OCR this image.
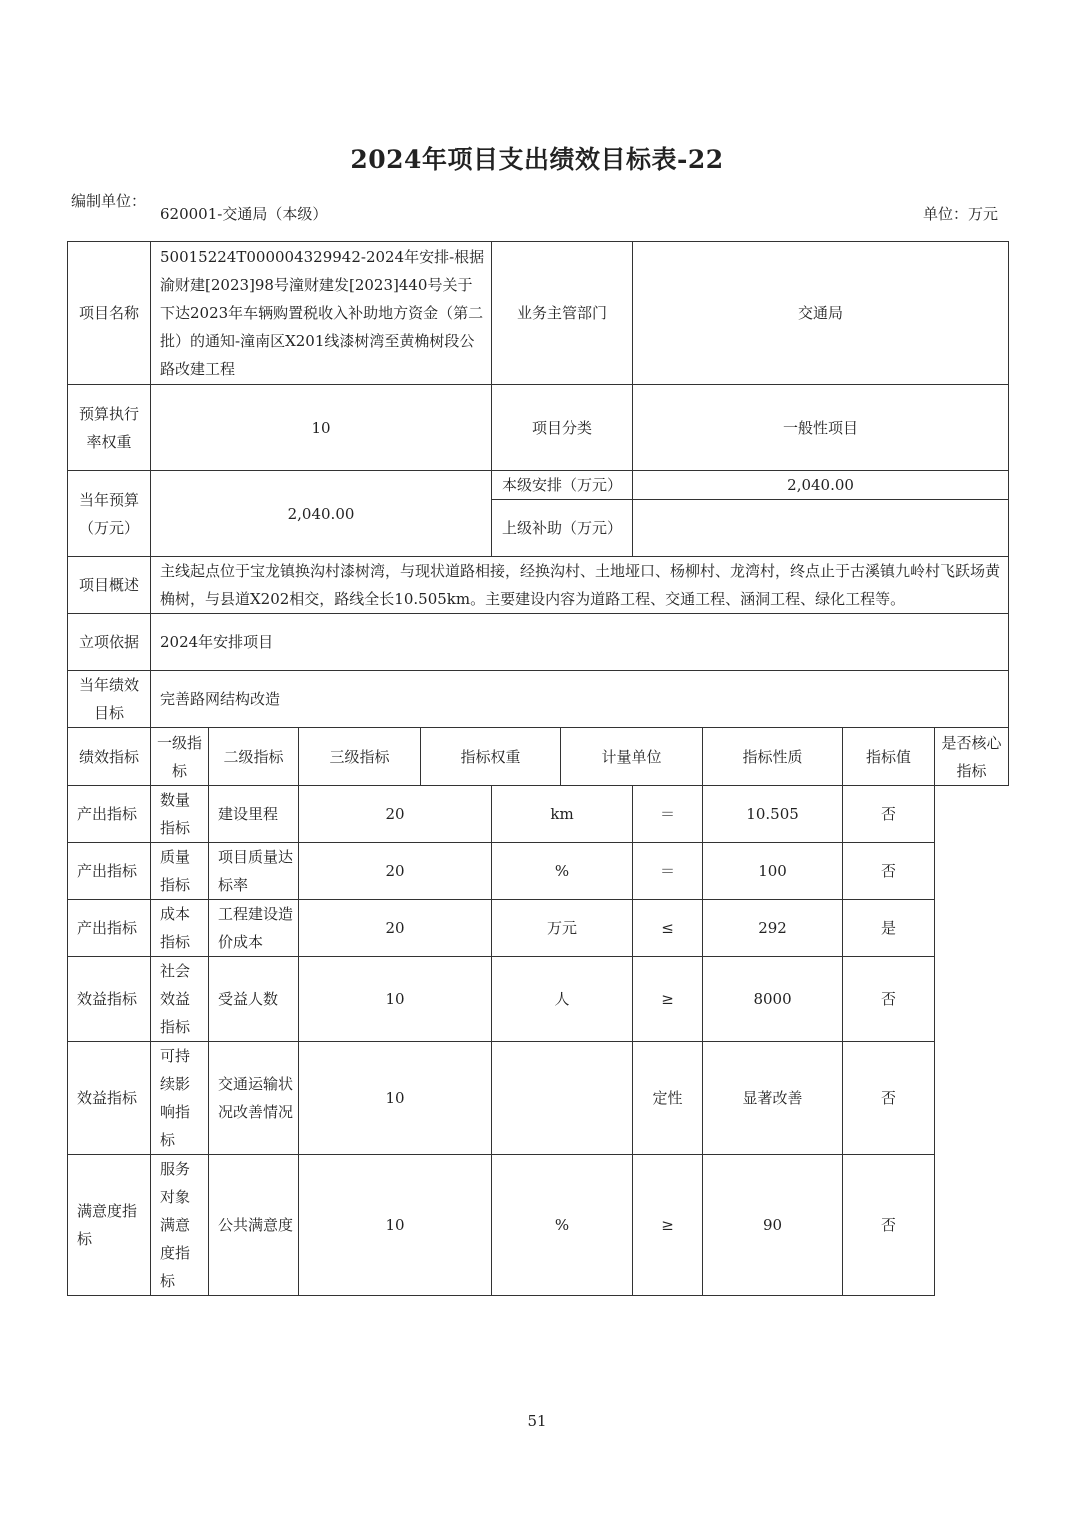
2024年项目支出绩效目标表-22
编制单位：
620001-交通局（本级）	单位：万元
项目名称	50015224T000004329942-2024年安排-根据渝财建[2023]98号潼财建发[2023]440号关于下达2023年车辆购置税收入补助地方资金（第二批）的通知-潼南区X201线漆树湾至黄桷树段公路改建工程				业务主管部门		交通局			
预算执行率权重	10				项目分类		一般性项目			
当年预算（万元）	2,040.00				本级安排（万元）		2,040.00			
					上级补助（万元）					
项目概述	主线起点位于宝龙镇换沟村漆树湾，与现状道路相接，经换沟村、土地垭口、杨柳村、龙湾村，终点止于古溪镇九岭村飞跃场黄桷树，与县道X202相交，路线全长10.505km。主要建设内容为道路工程、交通工程、涵洞工程、绿化工程等。									
立项依据	2024年安排项目									
当年绩效目标	完善路网结构改造									
绩效指标	一级指标	二级指标	三级指标	指标权重		计量单位		指标性质	指标值	是否核心指标
产出指标	数量指标	建设里程	20		km		＝	10.505	否	
产出指标	质量指标	项目质量达标率	20		%		＝	100	否	
产出指标	成本指标	工程建设造价成本	20		万元		≤	292	是	
效益指标	社会效益指标	受益人数	10		人		≥	8000	否	
效益指标	可持续影响指标	交通运输状况改善情况	10				定性	显著改善	否	
满意度指标	服务对象满意度指标	公共满意度	10		%		≥	90	否	
51
